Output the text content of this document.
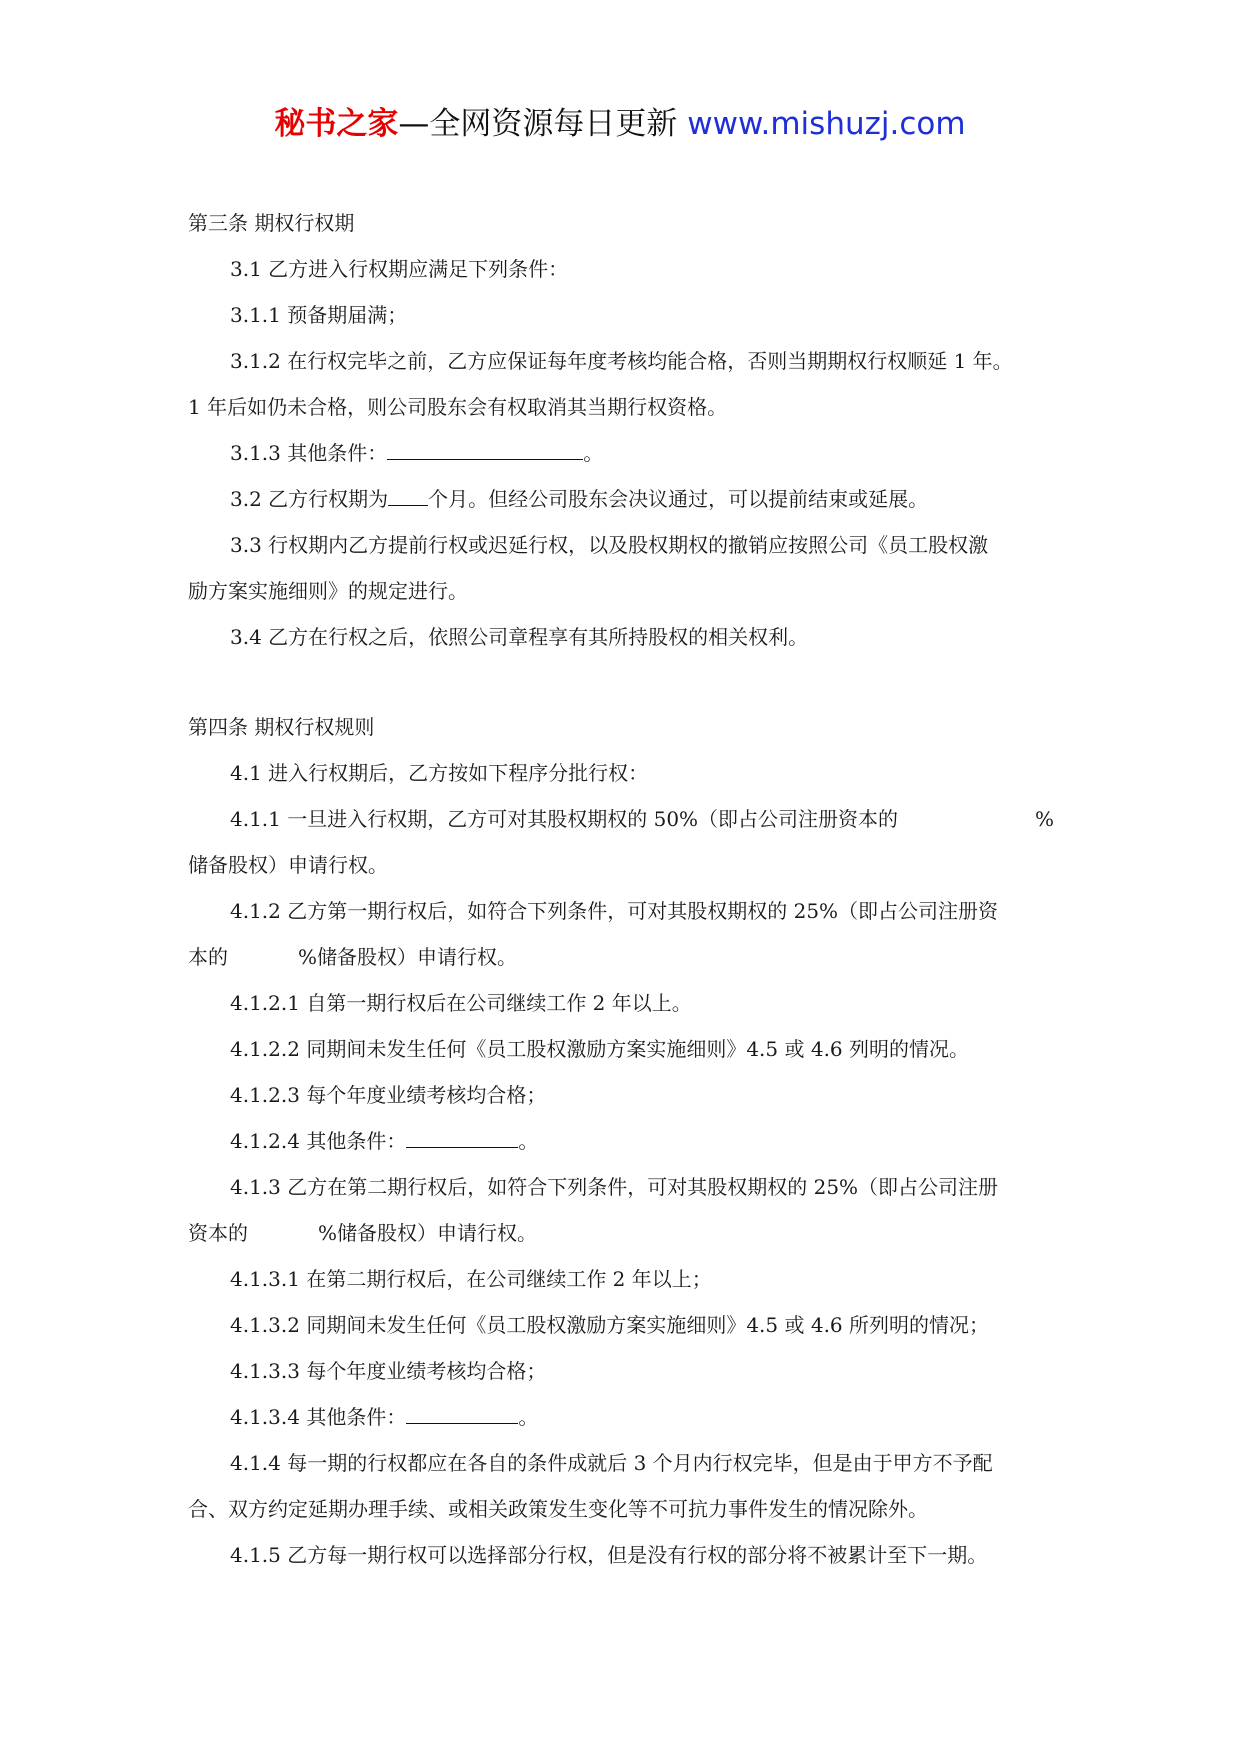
秘书之家—全网资源每日更新 www.mishuzj.com
第三条 期权行权期
3.1 乙方进入行权期应满足下列条件：
3.1.1 预备期届满；
3.1.2 在行权完毕之前，乙方应保证每年度考核均能合格，否则当期期权行权顺延 1 年。
1 年后如仍未合格，则公司股东会有权取消其当期行权资格。
3.1.3 其他条件：	。
3.2 乙方行权期为 个月。但经公司股东会决议通过，可以提前结束或延展。
3.3 行权期内乙方提前行权或迟延行权，以及股权期权的撤销应按照公司《员工股权激
励方案实施细则》的规定进行。
3.4 乙方在行权之后，依照公司章程享有其所持股权的相关权利。
第四条 期权行权规则
4.1 进入行权期后，乙方按如下程序分批行权：
4.1.1 一旦进入行权期，乙方可对其股权期权的 50%（即占公司注册资本的	%
储备股权）申请行权。
4.1.2 乙方第一期行权后，如符合下列条件，可对其股权期权的 25%（即占公司注册资
本的	%储备股权）申请行权。
4.1.2.1 自第一期行权后在公司继续工作 2 年以上。
4.1.2.2 同期间未发生任何《员工股权激励方案实施细则》4.5 或 4.6 列明的情况。
4.1.2.3 每个年度业绩考核均合格；
4.1.2.4 其他条件：	。
4.1.3 乙方在第二期行权后，如符合下列条件，可对其股权期权的 25%（即占公司注册
资本的	%储备股权）申请行权。
4.1.3.1 在第二期行权后，在公司继续工作 2 年以上；
4.1.3.2 同期间未发生任何《员工股权激励方案实施细则》4.5 或 4.6 所列明的情况；
4.1.3.3 每个年度业绩考核均合格；
4.1.3.4 其他条件：	。
4.1.4 每一期的行权都应在各自的条件成就后 3 个月内行权完毕，但是由于甲方不予配
合、双方约定延期办理手续、或相关政策发生变化等不可抗力事件发生的情况除外。
4.1.5 乙方每一期行权可以选择部分行权，但是没有行权的部分将不被累计至下一期。
